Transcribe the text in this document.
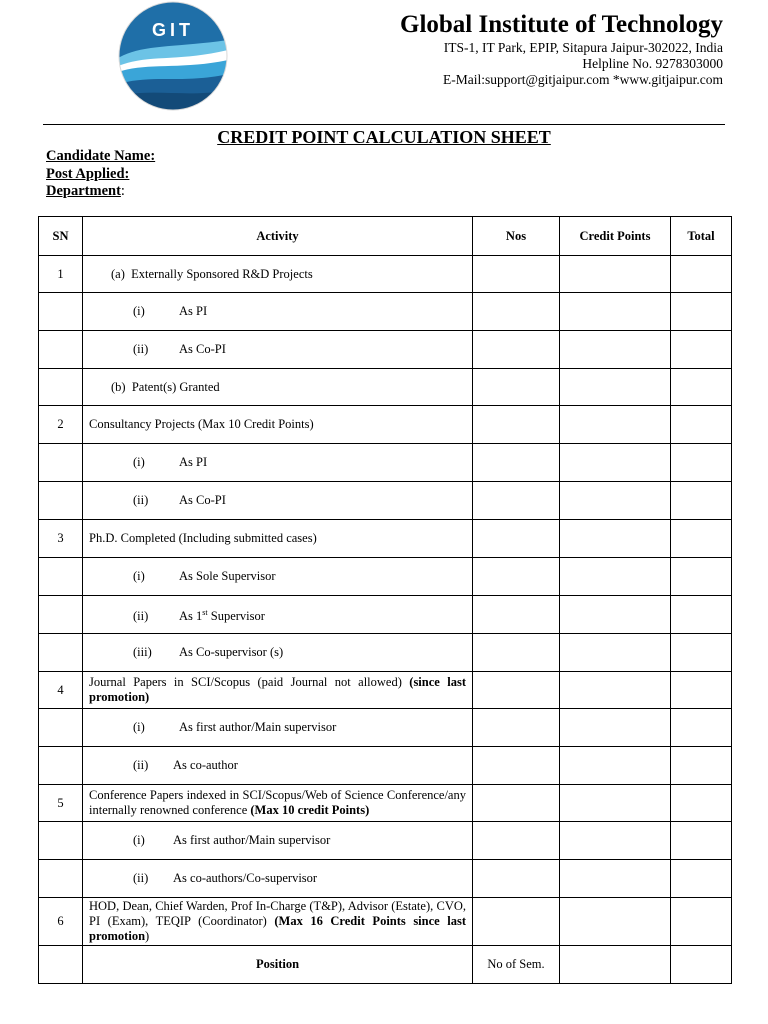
GIT	Global Institute of Technology
ITS-1, IT Park, EPIP, Sitapura Jaipur-302022, India
Helpline No. 9278303000
E-Mail:support@gitjaipur.com *www.gitjaipur.com
CREDIT POINT CALCULATION SHEET
Candidate Name:
Post Applied:
Department:
SN	Activity	Nos	Credit Points	Total
1	(a) Externally Sponsored R&D Projects			
	(i) As PI			
	(ii) As Co-PI			
	(b) Patent(s) Granted			
2	Consultancy Projects (Max 10 Credit Points)			
	(i) As PI			
	(ii) As Co-PI			
3	Ph.D. Completed (Including submitted cases)			
	(i) As Sole Supervisor			
	(ii) As 1st Supervisor			
	(iii) As Co-supervisor (s)			
4	Journal Papers in SCI/Scopus (paid Journal not allowed) (since last promotion)			
	(i) As first author/Main supervisor			
	(ii) As co-author			
5	Conference Papers indexed in SCI/Scopus/Web of Science Conference/any internally renowned conference (Max 10 credit Points)			
	(i) As first author/Main supervisor			
	(ii) As co-authors/Co-supervisor			
6	HOD, Dean, Chief Warden, Prof In-Charge (T&P), Advisor (Estate), CVO, PI (Exam), TEQIP (Coordinator) (Max 16 Credit Points since last promotion)			
	Position	No of Sem.		
